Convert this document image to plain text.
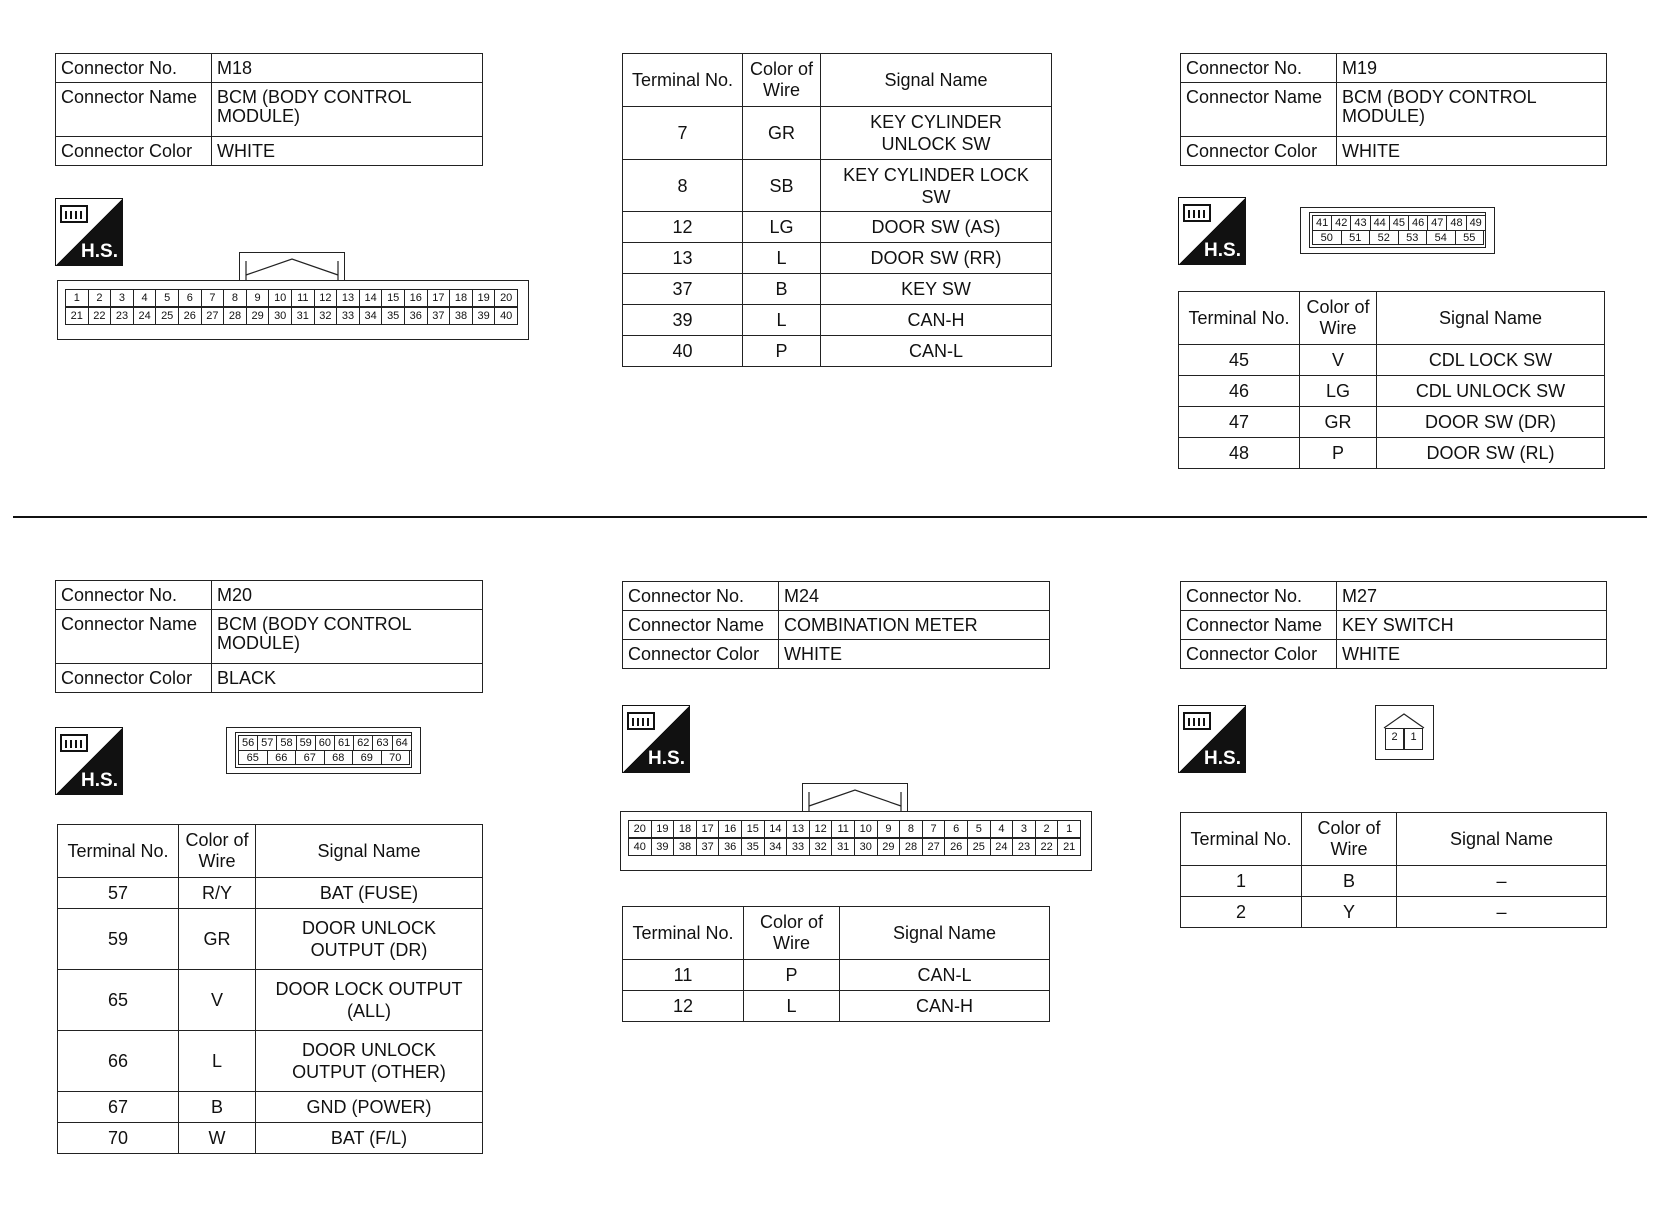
Connector No.	M18
Connector Name	BCM (BODY CONTROL MODULE)
Connector Color	WHITE
H.S.
1	2	3	4	5	6	7	8	9	10 11 12 13 14 15 16 17 18 19 20
21 22 23 24 25 26 27 28 29 30 31 32 33 34 35 36 37 38 39 40
Terminal No.	Color of Wire	Signal Name
7	GR	KEY CYLINDER UNLOCK SW
8	SB	KEY CYLINDER LOCK SW
12	LG	DOOR SW (AS)
13	L	DOOR SW (RR)
37	B	KEY SW
39	L	CAN-H
40	P	CAN-L
Connector No.	M19
Connector Name	BCM (BODY CONTROL MODULE)
Connector Color	WHITE
H.S.
41 42 43 44 45 46 47 48 49
50	51	52	53	54	55
Terminal No.	Color of Wire	Signal Name
45	V	CDL LOCK SW
46	LG	CDL UNLOCK SW
47	GR	DOOR SW (DR)
48	P	DOOR SW (RL)
Connector No.	M20
Connector Name	BCM (BODY CONTROL MODULE)
Connector Color	BLACK
H.S.
56 57 58 59 60 61 62 63 64
65	66	67	68	69	70
Terminal No.	Color of Wire	Signal Name
57	R/Y	BAT (FUSE)
59	GR	DOOR UNLOCK OUTPUT (DR)
65	V	DOOR LOCK OUTPUT (ALL)
66	L	DOOR UNLOCK OUTPUT (OTHER)
67	B	GND (POWER)
70	W	BAT (F/L)
Connector No.	M24
Connector Name	COMBINATION METER
Connector Color	WHITE
H.S.
20 19 18 17 16 15 14 13 12 11 10	9	8	7	6	5	4	3	2	1
40 39 38 37 36 35 34 33 32 31 30 29 28 27 26 25 24 23 22 21
Terminal No.	Color of Wire	Signal Name
11	P	CAN-L
12	L	CAN-H
Connector No.	M27
Connector Name	KEY SWITCH
Connector Color	WHITE
H.S.
2	1
Terminal No.	Color of Wire	Signal Name
1	B	–
2	Y	–
